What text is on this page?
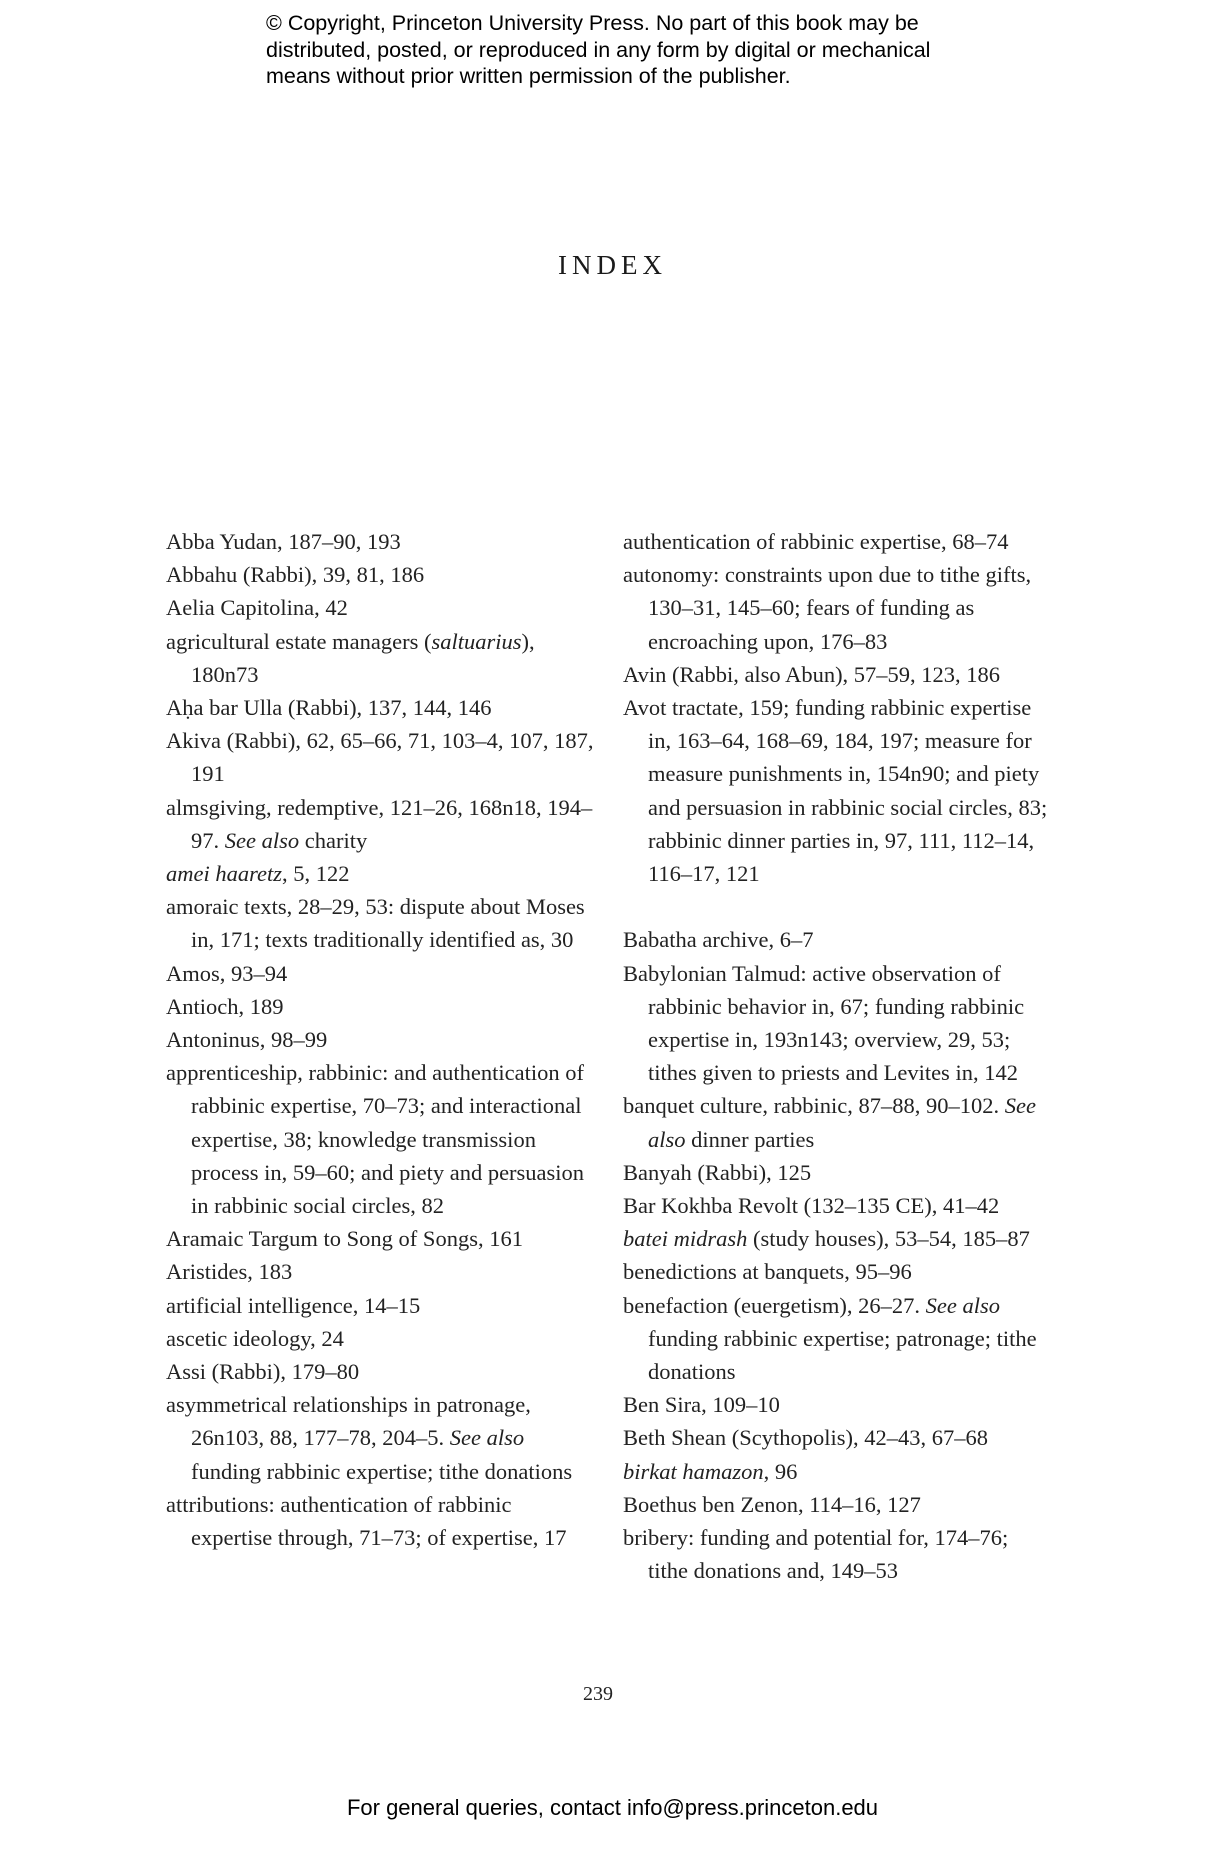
© Copyright, Princeton University Press. No part of this book may be
distributed, posted, or reproduced in any form by digital or mechanical
means without prior written permission of the publisher.
INDEX

Abba Yudan, 187–90, 193

Abbahu (Rabbi), 39, 81, 186

Aelia Capitolina, 42

agricultural estate managers (saltuarius), 180n73

Aḥa bar Ulla (Rabbi), 137, 144, 146

Akiva (Rabbi), 62, 65–66, 71, 103–4, 107, 187, 191

almsgiving, redemptive, 121–26, 168n18, 194–97. See also charity

amei haaretz, 5, 122

amoraic texts, 28–29, 53: dispute about Moses in, 171; texts traditionally identified as, 30

Amos, 93–94

Antioch, 189

Antoninus, 98–99

apprenticeship, rabbinic: and authentication of rabbinic expertise, 70–73; and interactional expertise, 38; knowledge transmission process in, 59–60; and piety and persuasion in rabbinic social circles, 82

Aramaic Targum to Song of Songs, 161

Aristides, 183

artificial intelligence, 14–15

ascetic ideology, 24

Assi (Rabbi), 179–80

asymmetrical relationships in patronage, 26n103, 88, 177–78, 204–5. See also funding rabbinic expertise; tithe donations

attributions: authentication of rabbinic expertise through, 71–73; of expertise, 17

authentication of rabbinic expertise, 68–74

autonomy: constraints upon due to tithe gifts, 130–31, 145–60; fears of funding as encroaching upon, 176–83

Avin (Rabbi, also Abun), 57–59, 123, 186

Avot tractate, 159; funding rabbinic expertise in, 163–64, 168–69, 184, 197; measure for measure punishments in, 154n90; and piety and persuasion in rabbinic social circles, 83; rabbinic dinner parties in, 97, 111, 112–14, 116–17, 121

Babatha archive, 6–7

Babylonian Talmud: active observation of rabbinic behavior in, 67; funding rabbinic expertise in, 193n143; overview, 29, 53; tithes given to priests and Levites in, 142

banquet culture, rabbinic, 87–88, 90–102. See also dinner parties

Banyah (Rabbi), 125

Bar Kokhba Revolt (132–135 CE), 41–42

batei midrash (study houses), 53–54, 185–87

benedictions at banquets, 95–96

benefaction (euergetism), 26–27. See also funding rabbinic expertise; patronage; tithe donations

Ben Sira, 109–10

Beth Shean (Scythopolis), 42–43, 67–68

birkat hamazon, 96

Boethus ben Zenon, 114–16, 127

bribery: funding and potential for, 174–76; tithe donations and, 149–53

239
For general queries, contact info@press.princeton.edu
